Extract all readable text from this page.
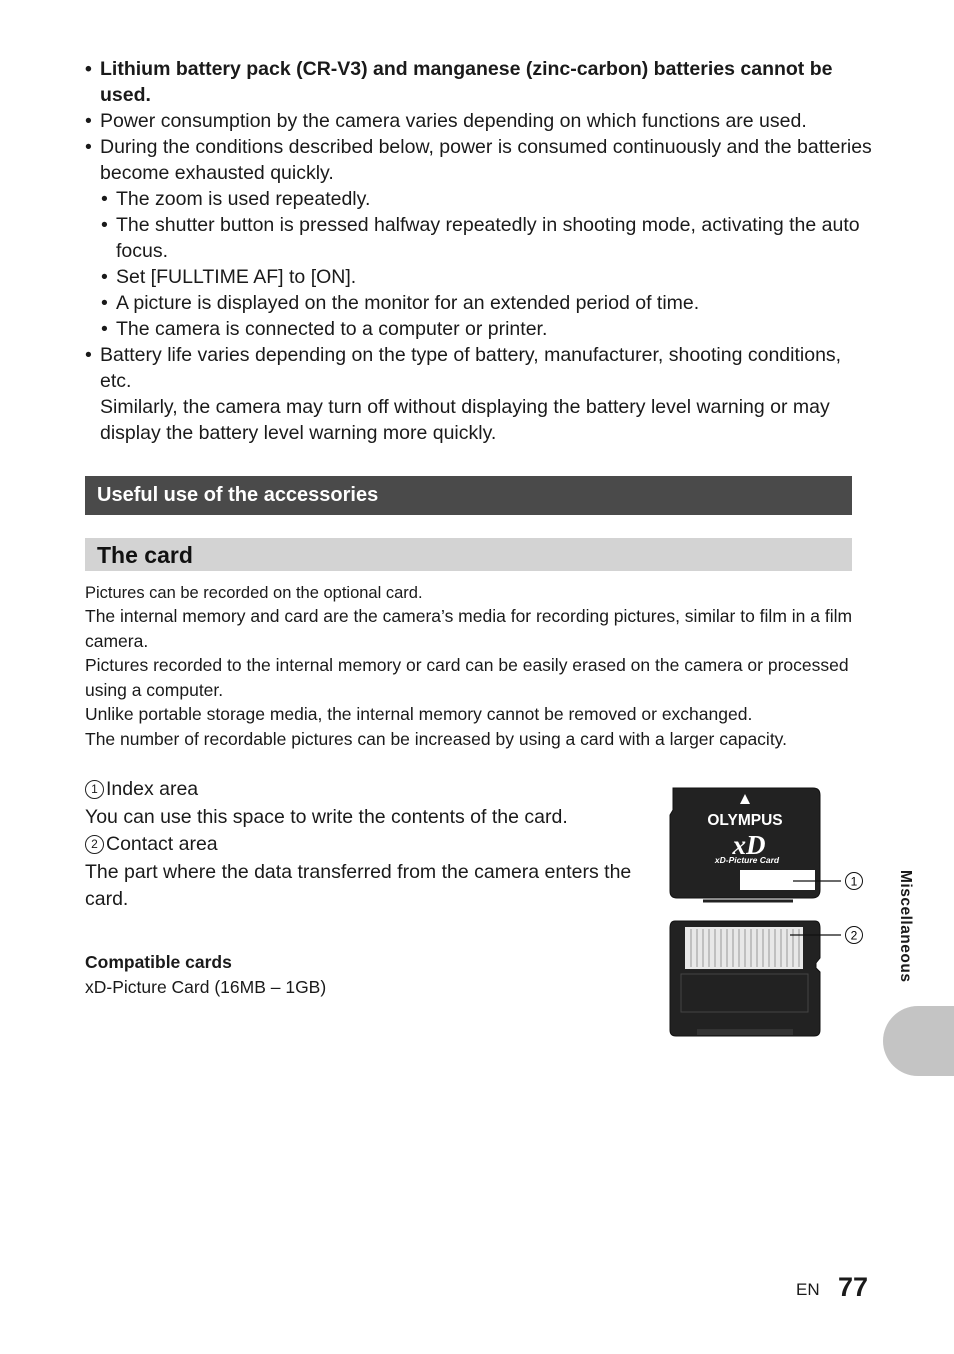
• Lithium battery pack (CR-V3) and manganese (zinc-carbon) batteries cannot be used.
• Power consumption by the camera varies depending on which functions are used.
• During the conditions described below, power is consumed continuously and the batteries become exhausted quickly.
• The zoom is used repeatedly.
• The shutter button is pressed halfway repeatedly in shooting mode, activating the auto focus.
• Set [FULLTIME AF] to [ON].
• A picture is displayed on the monitor for an extended period of time.
• The camera is connected to a computer or printer.
• Battery life varies depending on the type of battery, manufacturer, shooting conditions, etc.
Similarly, the camera may turn off without displaying the battery level warning or may display the battery level warning more quickly.
Useful use of the accessories
The card
Pictures can be recorded on the optional card.
The internal memory and card are the camera’s media for recording pictures, similar to film in a film camera.
Pictures recorded to the internal memory or card can be easily erased on the camera or processed using a computer.
Unlike portable storage media, the internal memory cannot be removed or exchanged.
The number of recordable pictures can be increased by using a card with a larger capacity.
1 Index area
You can use this space to write the contents of the card.
2 Contact area
The part where the data transferred from the camera enters the card.
Compatible cards
xD-Picture Card (16MB – 1GB)
OLYMPUS
xD
xD-Picture Card
1
2	Miscellaneous
EN 77
